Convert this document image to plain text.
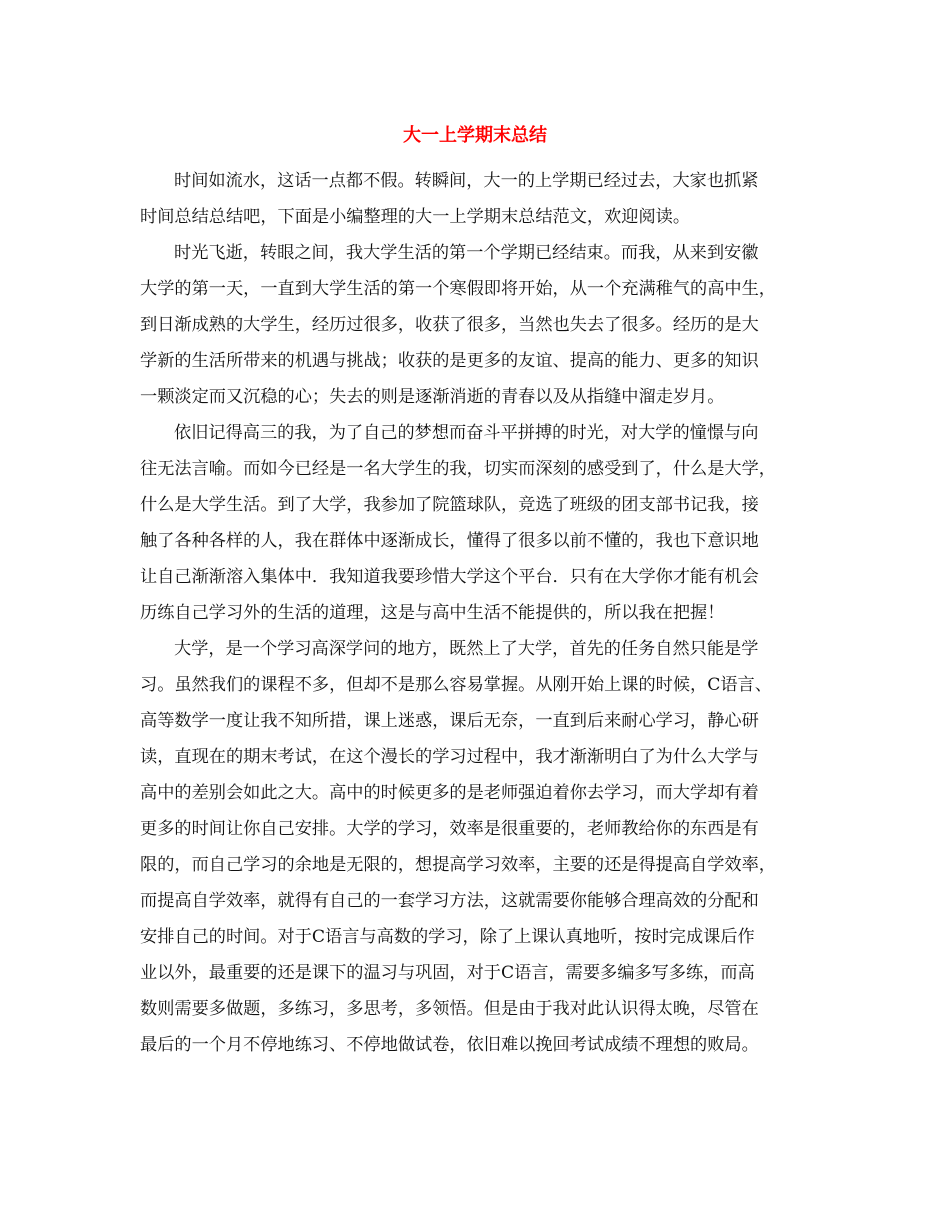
大一上学期末总结
时间如流水，这话一点都不假。转瞬间，大一的上学期已经过去，大家也抓紧
时间总结总结吧，下面是小编整理的大一上学期末总结范文，欢迎阅读。
时光飞逝，转眼之间，我大学生活的第一个学期已经结束。而我，从来到安徽
大学的第一天，一直到大学生活的第一个寒假即将开始，从一个充满稚气的高中生，
到日渐成熟的大学生，经历过很多，收获了很多，当然也失去了很多。经历的是大
学新的生活所带来的机遇与挑战；收获的是更多的友谊、提高的能力、更多的知识
一颗淡定而又沉稳的心；失去的则是逐渐消逝的青春以及从指缝中溜走岁月。
依旧记得高三的我，为了自己的梦想而奋斗平拼搏的时光，对大学的憧憬与向
往无法言喻。而如今已经是一名大学生的我，切实而深刻的感受到了，什么是大学，
什么是大学生活。到了大学，我参加了院篮球队，竞选了班级的团支部书记我，接
触了各种各样的人，我在群体中逐渐成长，懂得了很多以前不懂的，我也下意识地
让自己渐渐溶入集体中．我知道我要珍惜大学这个平台．只有在大学你才能有机会
历练自己学习外的生活的道理，这是与高中生活不能提供的，所以我在把握！
大学，是一个学习高深学问的地方，既然上了大学，首先的任务自然只能是学
习。虽然我们的课程不多，但却不是那么容易掌握。从刚开始上课的时候，C语言、
高等数学一度让我不知所措，课上迷惑，课后无奈，一直到后来耐心学习，静心研
读，直现在的期末考试，在这个漫长的学习过程中，我才渐渐明白了为什么大学与
高中的差别会如此之大。高中的时候更多的是老师强迫着你去学习，而大学却有着
更多的时间让你自己安排。大学的学习，效率是很重要的，老师教给你的东西是有
限的，而自己学习的余地是无限的，想提高学习效率，主要的还是得提高自学效率，
而提高自学效率，就得有自己的一套学习方法，这就需要你能够合理高效的分配和
安排自己的时间。对于C语言与高数的学习，除了上课认真地听，按时完成课后作
业以外，最重要的还是课下的温习与巩固，对于C语言，需要多编多写多练，而高
数则需要多做题，多练习，多思考，多领悟。但是由于我对此认识得太晚，尽管在
最后的一个月不停地练习、不停地做试卷，依旧难以挽回考试成绩不理想的败局。
